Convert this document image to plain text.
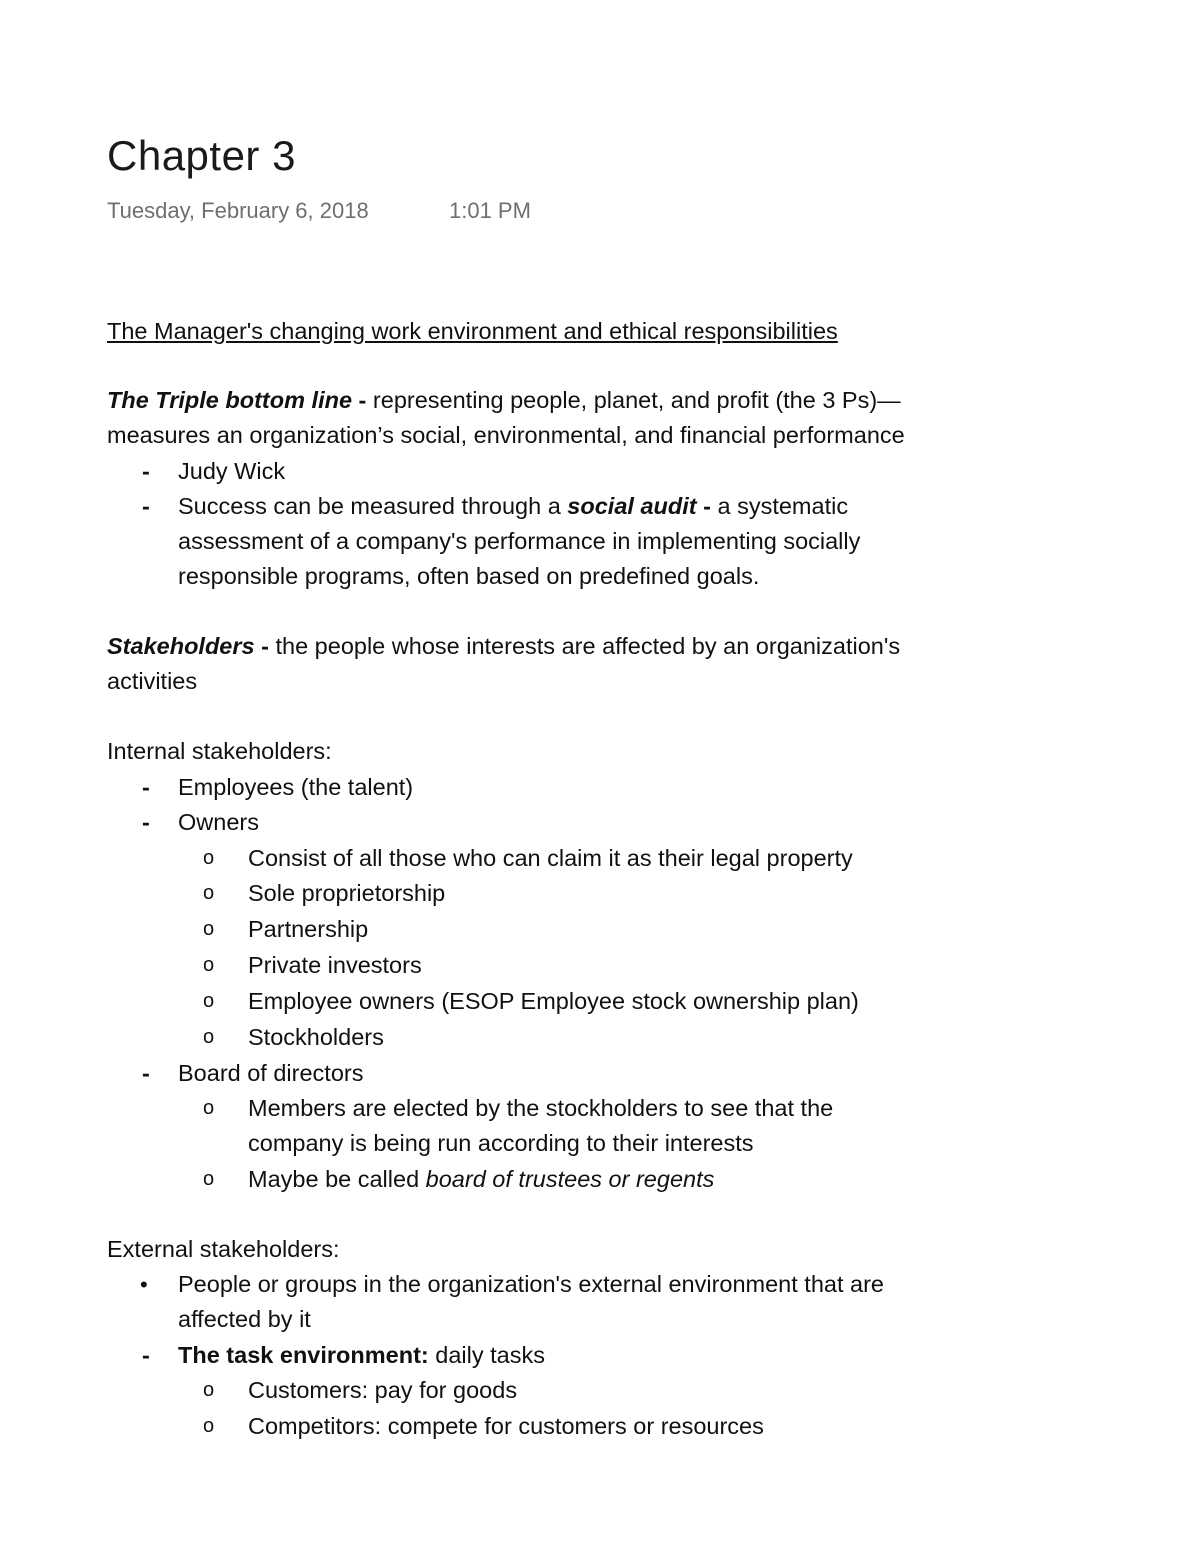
Chapter 3
Tuesday, February 6, 2018	1:01 PM
The Manager's changing work environment and ethical responsibilities
The Triple bottom line - representing people, planet, and profit (the 3 Ps)—
measures an organization’s social, environmental, and financial performance
- Judy Wick
- Success can be measured through a social audit - a systematic
assessment of a company's performance in implementing socially
responsible programs, often based on predefined goals.
Stakeholders - the people whose interests are affected by an organization's
activities
Internal stakeholders:
- Employees (the talent)
- Owners
o Consist of all those who can claim it as their legal property
o Sole proprietorship
o Partnership
o Private investors
o Employee owners (ESOP Employee stock ownership plan)
o Stockholders
- Board of directors
o Members are elected by the stockholders to see that the
company is being run according to their interests
o Maybe be called board of trustees or regents
External stakeholders:
• People or groups in the organization's external environment that are
affected by it
- The task environment: daily tasks
o Customers: pay for goods
o Competitors: compete for customers or resources
